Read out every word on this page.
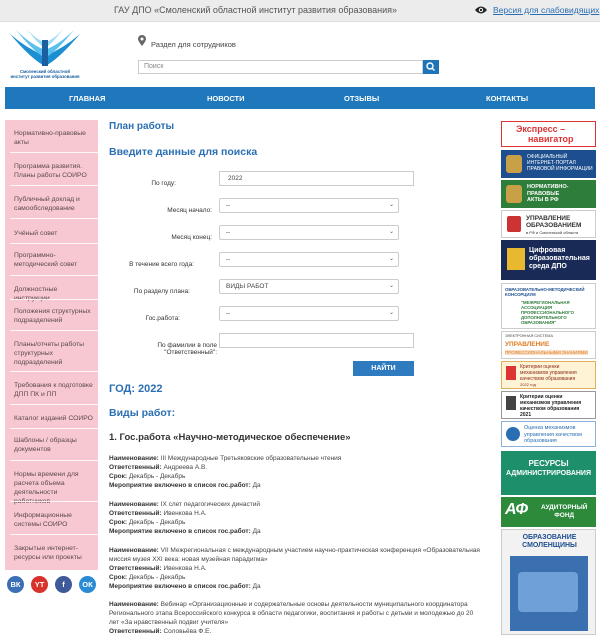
ГАУ ДПО «Смоленский областной институт развития образования»	Версия для слабовидящих
Смоленский областной
институт развития образования
Раздел для сотрудников
Поиск
ГЛАВНАЯ	НОВОСТИ	ОТЗЫВЫ	КОНТАКТЫ
Нормативно-правовые акты
Программа развития. Планы работы СОИРО
Публичный доклад и самообследование
Учёный совет
Программно-методический совет
Должностные
Положения структурных подразделений
Планы/отчеты работы структурных подразделений
Требования к подготовке ДПП ПК и ПП
Каталог изданий СОИРО
Шаблоны / образцы документов
Нормы времени для расчета объема деятельности
Информационные системы СОИРО
Закрытые интернет-ресурсы или проекты
ВК	YT	f	ОК
План работы
Введите данные для поиска
По году:
2022
Месяц начало:
--	⌄
Месяц конец:
--	⌄
В течение всего года:
--	⌄
По разделу плана:
ВИДЫ РАБОТ	⌄
Гос.работа:
--	⌄
По фамилии в поле "Ответственный":
НАЙТИ
ГОД: 2022
Виды работ:
1. Гос.работа «Научно-методическое обеспечение»
Наименование: III Международные Третьяковские образовательные чтения
Ответственный: Андреева А.В.
Срок: Декабрь - Декабрь
Мероприятие включено в список гос.работ: Да
Наименование: IX слет педагогических династий
Ответственный: Ивенкова Н.А.
Срок: Декабрь - Декабрь
Мероприятие включено в список гос.работ: Да
Наименование: VII Межрегиональная с международным участием научно-практическая конференция «Образовательная
миссия музея XXI века: новая музейная парадигма»
Ответственный: Ивенкова Н.А.
Срок: Декабрь - Декабрь
Мероприятие включено в список гос.работ: Да
Наименование: Вебинар «Организационные и содержательные основы деятельности муниципального координатора
Регионального этапа Всероссийского конкурса в области педагогики, воспитания и работы с детьми и молодежью до 20
лет «За нравственный подвиг учителя»
Ответственный: Соловьёва Ф.Е.
Экспресс –
навигатор
ОФИЦИАЛЬНЫЙ
ИНТЕРНЕТ-ПОРТАЛ
ПРАВОВОЙ ИНФОРМАЦИИ
НОРМАТИВНО-
ПРАВОВЫЕ
АКТЫ В РФ
УПРАВЛЕНИЕ
ОБРАЗОВАНИЕМ
в РФ и Смоленской области
Цифровая
образовательная
среда ДПО
ОБРАЗОВАТЕЛЬНО-МЕТОДИЧЕСКИЙ
КОНСОРЦИУМ
"МЕЖРЕГИОНАЛЬНАЯ АССОЦИАЦИЯ ПРОФЕССИОНАЛЬНОГО ДОПОЛНИТЕЛЬНОГО ОБРАЗОВАНИЯ"
ЭЛЕКТРОННАЯ СИСТЕМА
УПРАВЛЕНИЕ
ПРОФЕССИОНАЛЬНЫМИ ЗНАНИЯМИ
Критерии оценки
механизмов управления
качеством образования
2022 год
Критерии оценки
механизмов управления
качеством образования
2021
Оценка механизмов
управления качеством
образования
РЕСУРСЫ
АДМИНИСТРИРОВАНИЯ
АФ АУДИТОРНЫЙ
ФОНД
ОБРАЗОВАНИЕ
СМОЛЕНЩИНЫ
